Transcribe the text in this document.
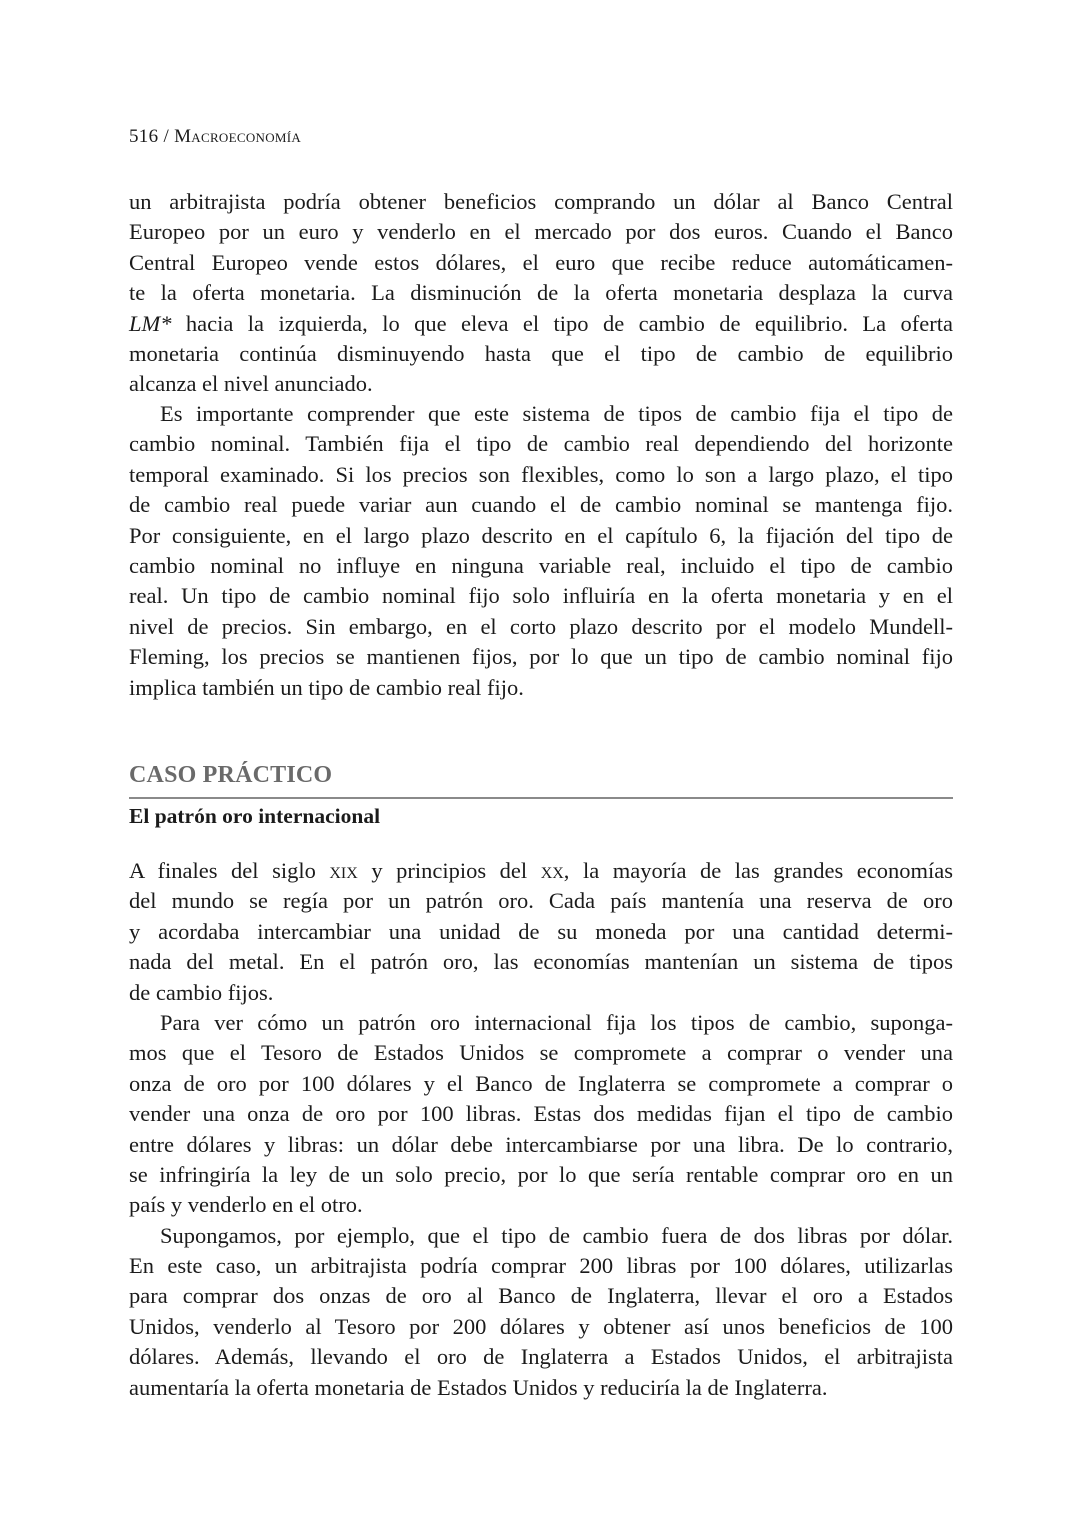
516 / Macroeconomía
un arbitrajista podría obtener beneficios comprando un dólar al Banco Central
Europeo por un euro y venderlo en el mercado por dos euros. Cuando el Banco
Central Europeo vende estos dólares, el euro que recibe reduce automáticamen-
te la oferta monetaria. La disminución de la oferta monetaria desplaza la curva
LM* hacia la izquierda, lo que eleva el tipo de cambio de equilibrio. La oferta
monetaria continúa disminuyendo hasta que el tipo de cambio de equilibrio
alcanza el nivel anunciado.
Es importante comprender que este sistema de tipos de cambio fija el tipo de
cambio nominal. También fija el tipo de cambio real dependiendo del horizonte
temporal examinado. Si los precios son flexibles, como lo son a largo plazo, el tipo
de cambio real puede variar aun cuando el de cambio nominal se mantenga fijo.
Por consiguiente, en el largo plazo descrito en el capítulo 6, la fijación del tipo de
cambio nominal no influye en ninguna variable real, incluido el tipo de cambio
real. Un tipo de cambio nominal fijo solo influiría en la oferta monetaria y en el
nivel de precios. Sin embargo, en el corto plazo descrito por el modelo Mundell-
Fleming, los precios se mantienen fijos, por lo que un tipo de cambio nominal fijo
implica también un tipo de cambio real fijo.
CASO PRÁCTICO
El patrón oro internacional
A finales del siglo xix y principios del xx, la mayoría de las grandes economías
del mundo se regía por un patrón oro. Cada país mantenía una reserva de oro
y acordaba intercambiar una unidad de su moneda por una cantidad determi-
nada del metal. En el patrón oro, las economías mantenían un sistema de tipos
de cambio fijos.
Para ver cómo un patrón oro internacional fija los tipos de cambio, suponga-
mos que el Tesoro de Estados Unidos se compromete a comprar o vender una
onza de oro por 100 dólares y el Banco de Inglaterra se compromete a comprar o
vender una onza de oro por 100 libras. Estas dos medidas fijan el tipo de cambio
entre dólares y libras: un dólar debe intercambiarse por una libra. De lo contrario,
se infringiría la ley de un solo precio, por lo que sería rentable comprar oro en un
país y venderlo en el otro.
Supongamos, por ejemplo, que el tipo de cambio fuera de dos libras por dólar.
En este caso, un arbitrajista podría comprar 200 libras por 100 dólares, utilizarlas
para comprar dos onzas de oro al Banco de Inglaterra, llevar el oro a Estados
Unidos, venderlo al Tesoro por 200 dólares y obtener así unos beneficios de 100
dólares. Además, llevando el oro de Inglaterra a Estados Unidos, el arbitrajista
aumentaría la oferta monetaria de Estados Unidos y reduciría la de Inglaterra.
